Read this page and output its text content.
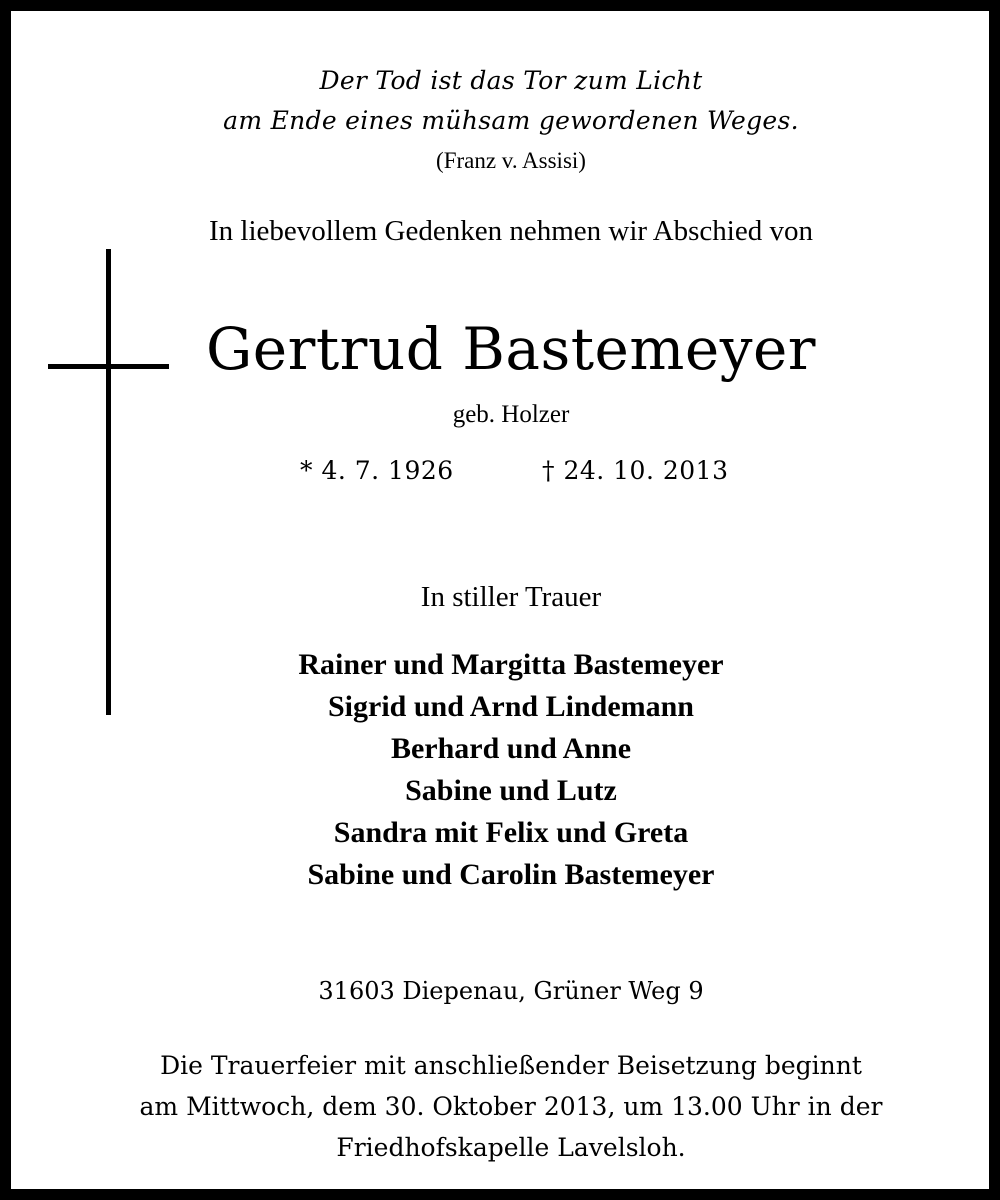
Der Tod ist das Tor zum Licht

am Ende eines mühsam gewordenen Weges.

(Franz v. Assisi)

In liebevollem Gedenken nehmen wir Abschied von

Gertrud Bastemeyer

geb. Holzer

* 4. 7. 1926	† 24. 10. 2013

In stiller Trauer

Rainer und Margitta Bastemeyer

Sigrid und Arnd Lindemann

Berhard und Anne

Sabine und Lutz

Sandra mit Felix und Greta

Sabine und Carolin Bastemeyer

31603 Diepenau, Grüner Weg 9

Die Trauerfeier mit anschließender Beisetzung beginnt

am Mittwoch, dem 30. Oktober 2013, um 13.00 Uhr in der

Friedhofskapelle Lavelsloh.
